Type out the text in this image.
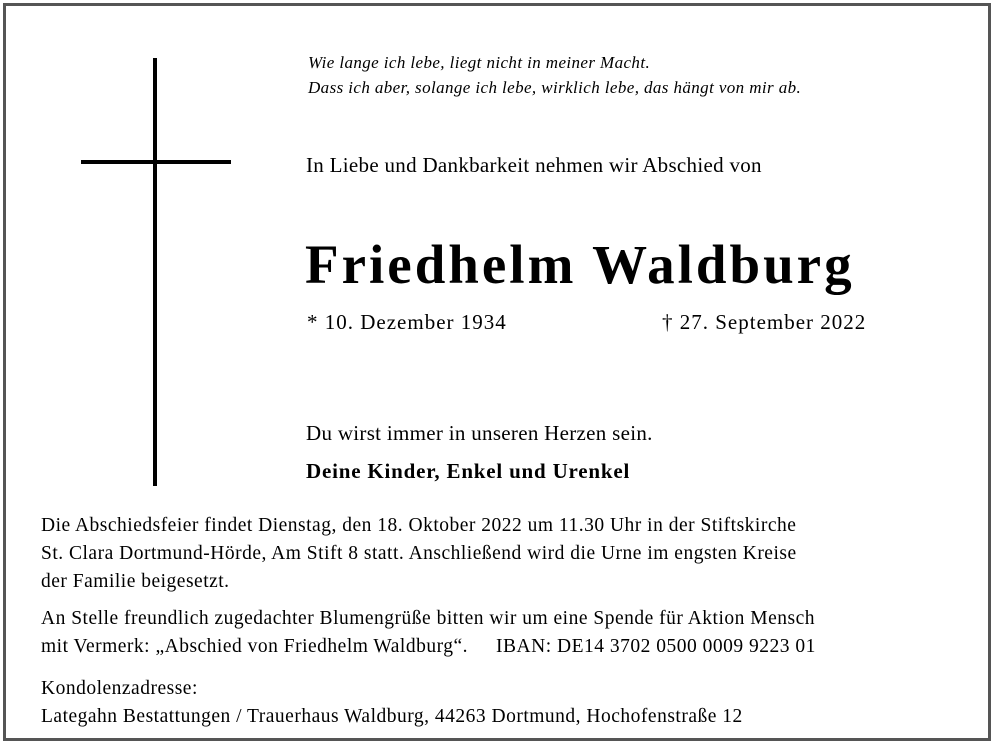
Wie lange ich lebe, liegt nicht in meiner Macht.
Dass ich aber, solange ich lebe, wirklich lebe, das hängt von mir ab.
In Liebe und Dankbarkeit nehmen wir Abschied von
Friedhelm Waldburg
* 10. Dezember 1934	† 27. September 2022
Du wirst immer in unseren Herzen sein.
Deine Kinder, Enkel und Urenkel
Die Abschiedsfeier findet Dienstag, den 18. Oktober 2022 um 11.30 Uhr in der Stiftskirche
St. Clara Dortmund-Hörde, Am Stift 8 statt. Anschließend wird die Urne im engsten Kreise
der Familie beigesetzt.
An Stelle freundlich zugedachter Blumengrüße bitten wir um eine Spende für Aktion Mensch
mit Vermerk: „Abschied von Friedhelm Waldburg“. IBAN: DE14 3702 0500 0009 9223 01
Kondolenzadresse:
Lategahn Bestattungen / Trauerhaus Waldburg, 44263 Dortmund, Hochofenstraße 12
